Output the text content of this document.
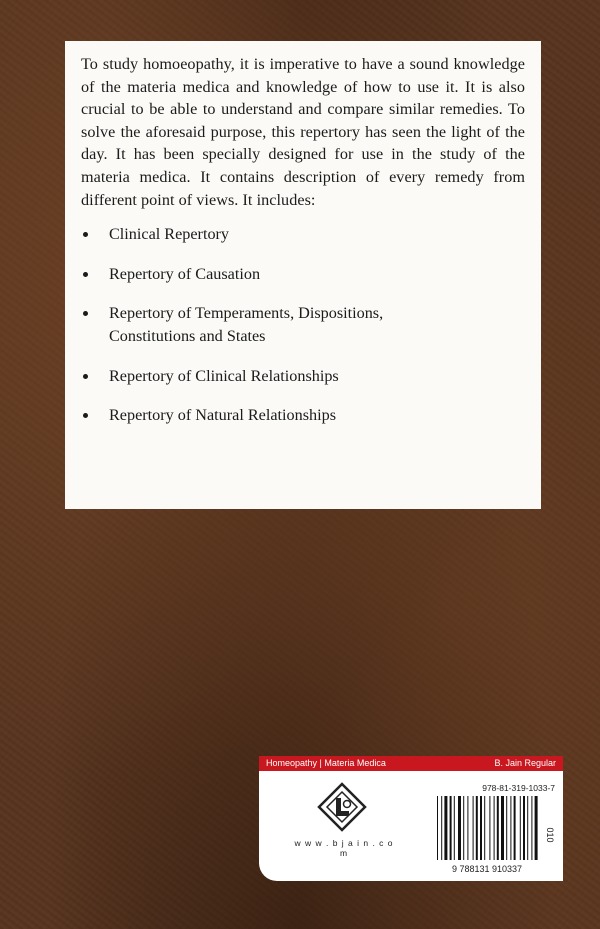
To study homoeopathy, it is imperative to have a sound knowledge of the materia medica and knowledge of how to use it. It is also crucial to be able to understand and compare similar remedies. To solve the aforesaid purpose, this repertory has seen the light of the day. It has been specially designed for use in the study of the materia medica. It contains description of every remedy from different point of views. It includes:

Clinical Repertory
Repertory of Causation
Repertory of Temperaments, Dispositions,
Constitutions and States
Repertory of Clinical Relationships
Repertory of Natural Relationships
Homeopathy | Materia Medica	B. Jain Regular
w w w . b j a i n . c o m
978-81-319-1033-7
010
9 788131 910337
